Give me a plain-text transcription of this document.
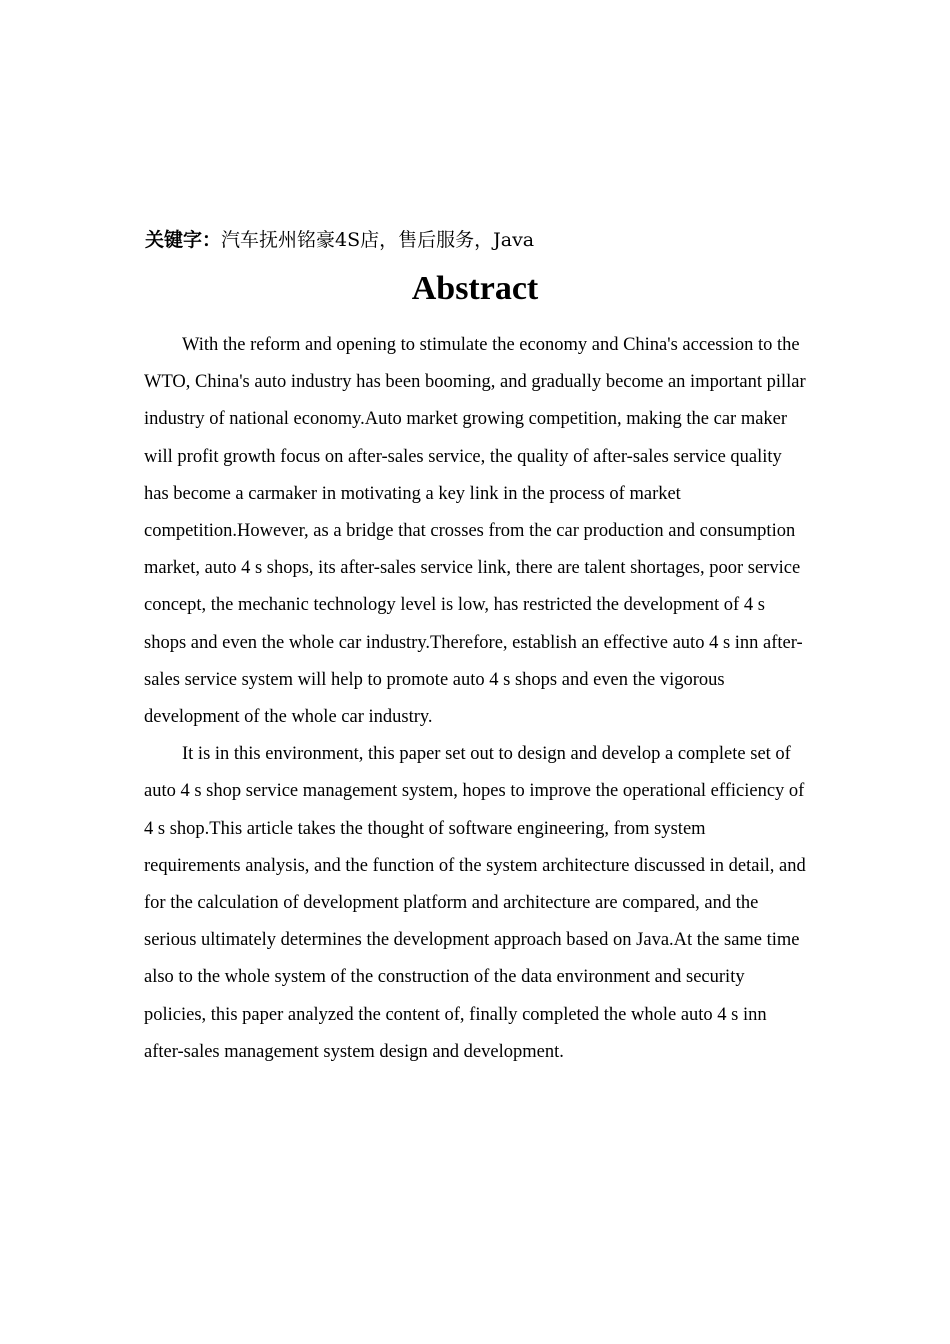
关键字：汽车抚州铭豪4S店，售后服务，Java
Abstract

With the reform and opening to stimulate the economy and China's accession to the WTO, China's auto industry has been booming, and gradually become an important pillar industry of national economy.Auto market growing competition, making the car maker will profit growth focus on after-sales service, the quality of after-sales service quality has become a carmaker in motivating a key link in the process of market competition.However, as a bridge that crosses from the car production and consumption market, auto 4 s shops, its after-sales service link, there are talent shortages, poor service concept, the mechanic technology level is low, has restricted the development of 4 s shops and even the whole car industry.Therefore, establish an effective auto 4 s inn after-sales service system will help to promote auto 4 s shops and even the vigorous development of the whole car industry.

It is in this environment, this paper set out to design and develop a complete set of auto 4 s shop service management system, hopes to improve the operational efficiency of 4 s shop.This article takes the thought of software engineering, from system requirements analysis, and the function of the system architecture discussed in detail, and for the calculation of development platform and architecture are compared, and the serious ultimately determines the development approach based on Java.At the same time also to the whole system of the construction of the data environment and security policies, this paper analyzed the content of, finally completed the whole auto 4 s inn after-sales management system design and development.
